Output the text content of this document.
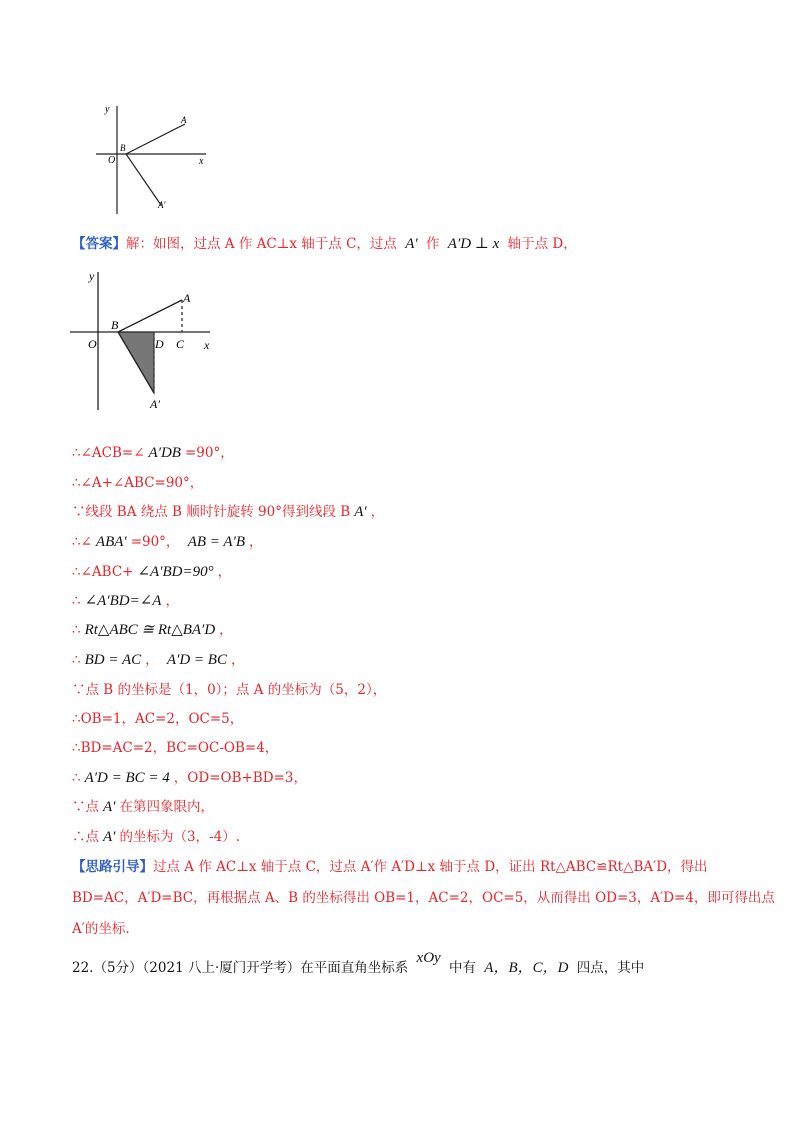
y
x
O
B
A
A′
【答案】解：如图，过点 A 作 AC⊥x 轴于点 C，过点 A′ 作 A′D ⊥ x 轴于点 D，
y
x
O
B
A
C
D
A′
∴∠ACB=∠ A′DB =90°，
∴∠A+∠ABC=90°，
∵线段 BA 绕点 B 顺时针旋转 90°得到线段 B A′ ，
∴∠ ABA′ =90°， AB = A′B ，
∴∠ABC+ ∠A′BD=90° ，
∴ ∠A′BD=∠A ，
∴ Rt△ABC ≅ Rt△BA′D ，
∴ BD = AC ， A′D = BC ，
∵点 B 的坐标是（1，0）；点 A 的坐标为（5，2），
∴OB=1，AC=2，OC=5，
∴BD=AC=2，BC=OC-OB=4，
∴ A′D = BC = 4 ，OD=OB+BD=3，
∵点 A′ 在第四象限内，
∴点 A′ 的坐标为（3，-4）.
【思路引导】过点 A 作 AC⊥x 轴于点 C，过点 A′作 A′D⊥x 轴于点 D，证出 Rt△ABC≌Rt△BA′D，得出
BD=AC，A′D=BC，再根据点 A、B 的坐标得出 OB=1，AC=2，OC=5，从而得出 OD=3，A′D=4，即可得出点
A′的坐标.
22.（5分）（2021 八上·厦门开学考）在平面直角坐标系 xOy 中有 A，B，C，D 四点，其中
